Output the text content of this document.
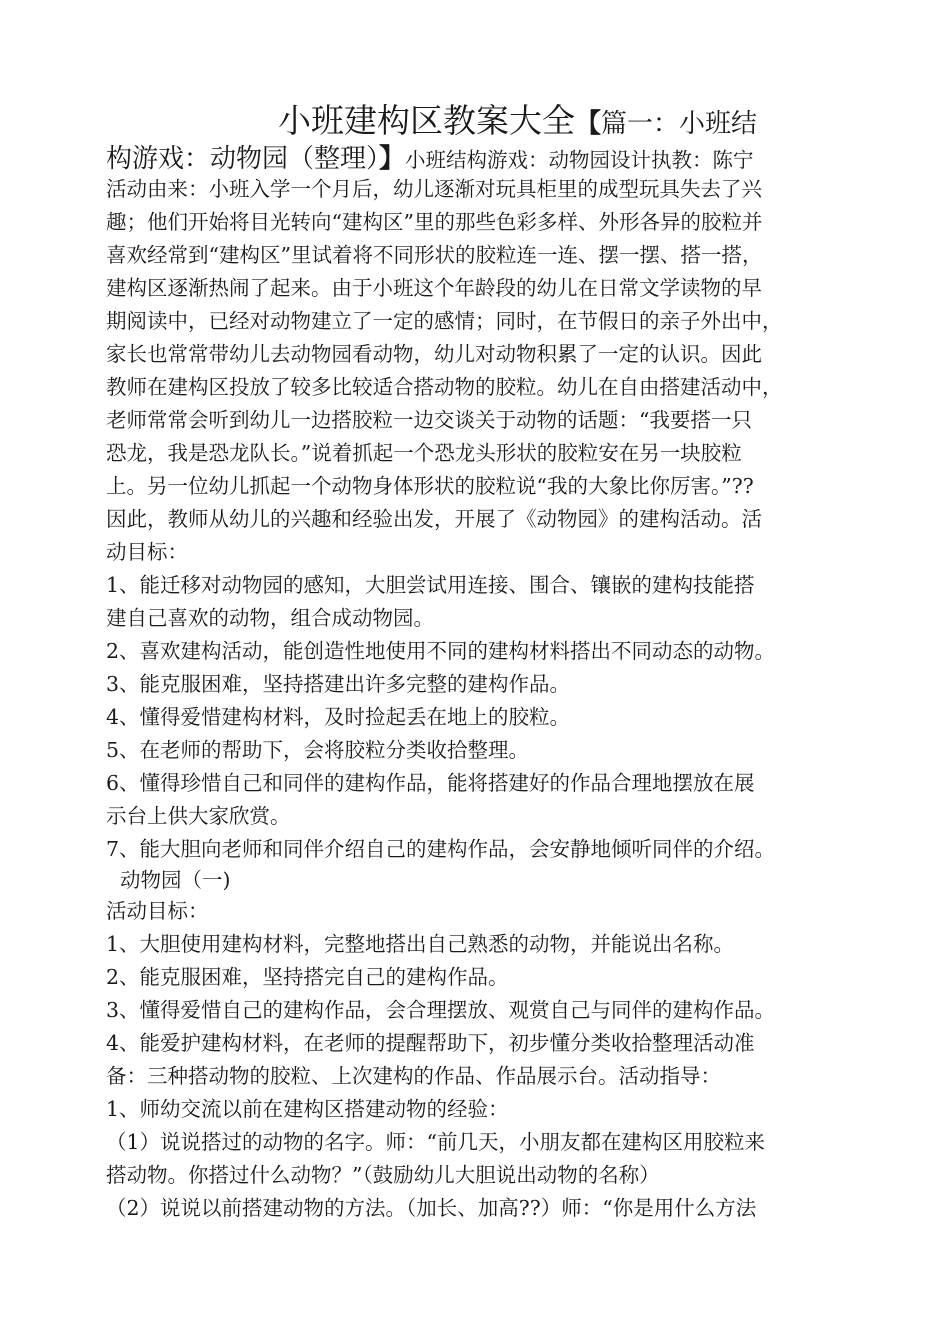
小班建构区教案大全【篇一：小班结
构游戏：动物园（整理）】小班结构游戏：动物园设计执教：陈宁
活动由来：小班入学一个月后，幼儿逐渐对玩具柜里的成型玩具失去了兴
趣；他们开始将目光转向“建构区”里的那些色彩多样、外形各异的胶粒并
喜欢经常到“建构区”里试着将不同形状的胶粒连一连、摆一摆、搭一搭，
建构区逐渐热闹了起来。由于小班这个年龄段的幼儿在日常文学读物的早
期阅读中，已经对动物建立了一定的感情；同时，在节假日的亲子外出中，
家长也常常带幼儿去动物园看动物，幼儿对动物积累了一定的认识。因此
教师在建构区投放了较多比较适合搭动物的胶粒。幼儿在自由搭建活动中，
老师常常会听到幼儿一边搭胶粒一边交谈关于动物的话题：“我要搭一只
恐龙，我是恐龙队长。”说着抓起一个恐龙头形状的胶粒安在另一块胶粒
上。另一位幼儿抓起一个动物身体形状的胶粒说“我的大象比你厉害。”??
因此，教师从幼儿的兴趣和经验出发，开展了《动物园》的建构活动。活
动目标：
1、能迁移对动物园的感知，大胆尝试用连接、围合、镶嵌的建构技能搭
建自己喜欢的动物，组合成动物园。
2、喜欢建构活动，能创造性地使用不同的建构材料搭出不同动态的动物。
3、能克服困难，坚持搭建出许多完整的建构作品。
4、懂得爱惜建构材料，及时捡起丢在地上的胶粒。
5、在老师的帮助下，会将胶粒分类收拾整理。
6、懂得珍惜自己和同伴的建构作品，能将搭建好的作品合理地摆放在展
示台上供大家欣赏。
7、能大胆向老师和同伴介绍自己的建构作品，会安静地倾听同伴的介绍。
动物园（一)
活动目标：
1、大胆使用建构材料，完整地搭出自己熟悉的动物，并能说出名称。
2、能克服困难，坚持搭完自己的建构作品。
3、懂得爱惜自己的建构作品，会合理摆放、观赏自己与同伴的建构作品。
4、能爱护建构材料，在老师的提醒帮助下，初步懂分类收拾整理活动准
备：三种搭动物的胶粒、上次建构的作品、作品展示台。活动指导：
1、师幼交流以前在建构区搭建动物的经验：
（1）说说搭过的动物的名字。师：“前几天，小朋友都在建构区用胶粒来
搭动物。你搭过什么动物？”（鼓励幼儿大胆说出动物的名称）
（2）说说以前搭建动物的方法。（加长、加高??）师：“你是用什么方法
